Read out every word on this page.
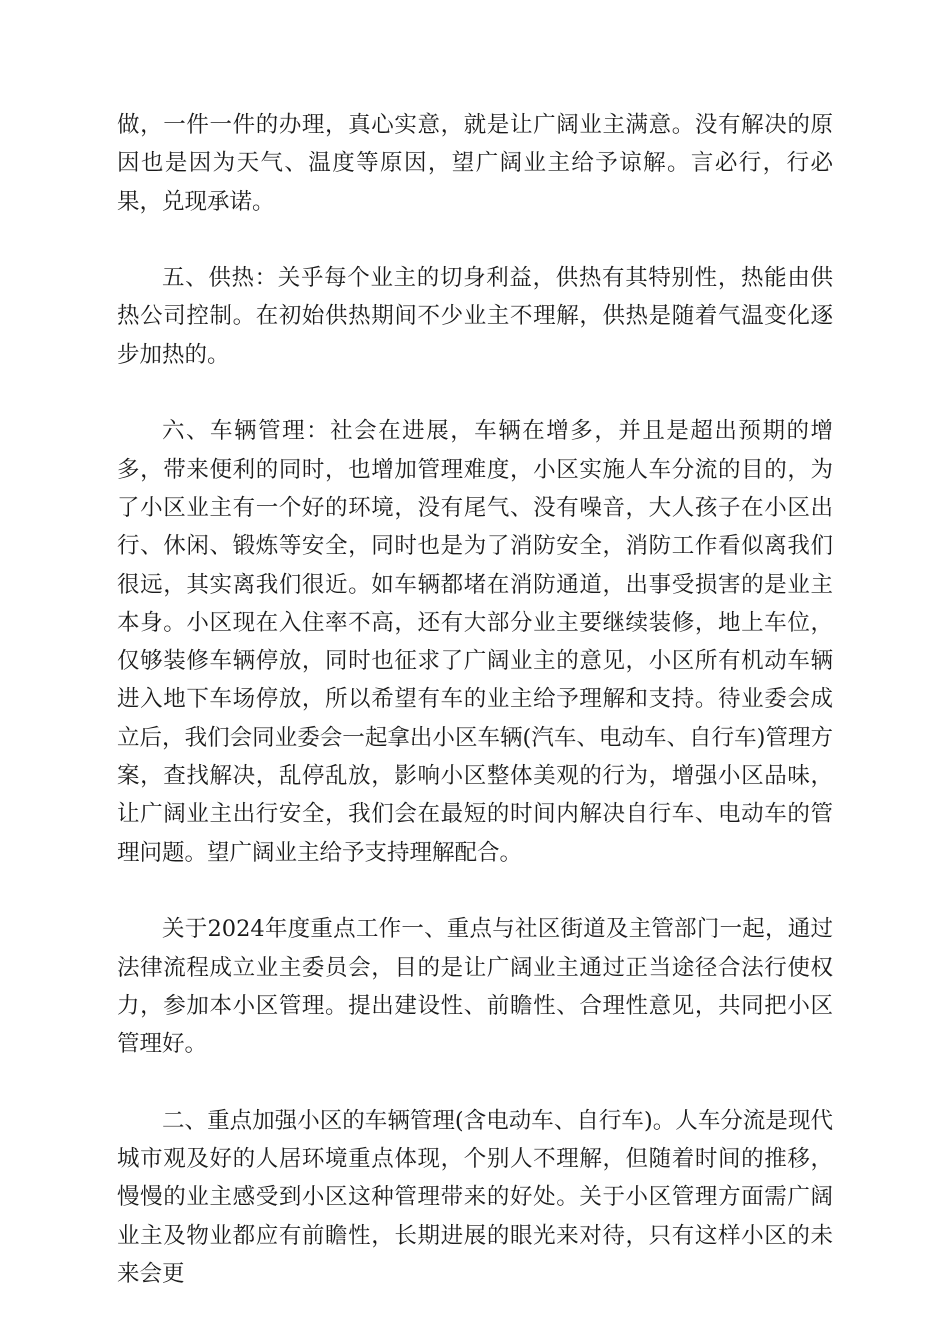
做，一件一件的办理，真心实意，就是让广阔业主满意。没有解决的原因也是因为天气、温度等原因，望广阔业主给予谅解。言必行，行必果，兑现承诺。

五、供热：关乎每个业主的切身利益，供热有其特别性，热能由供热公司控制。在初始供热期间不少业主不理解，供热是随着气温变化逐步加热的。

六、车辆管理：社会在进展，车辆在增多，并且是超出预期的增多，带来便利的同时，也增加管理难度，小区实施人车分流的目的，为了小区业主有一个好的环境，没有尾气、没有噪音，大人孩子在小区出行、休闲、锻炼等安全，同时也是为了消防安全，消防工作看似离我们很远，其实离我们很近。如车辆都堵在消防通道，出事受损害的是业主本身。小区现在入住率不高，还有大部分业主要继续装修，地上车位，仅够装修车辆停放，同时也征求了广阔业主的意见，小区所有机动车辆进入地下车场停放，所以希望有车的业主给予理解和支持。待业委会成立后，我们会同业委会一起拿出小区车辆(汽车、电动车、自行车)管理方案，查找解决，乱停乱放，影响小区整体美观的行为，增强小区品味，让广阔业主出行安全，我们会在最短的时间内解决自行车、电动车的管理问题。望广阔业主给予支持理解配合。

关于2024年度重点工作一、重点与社区街道及主管部门一起，通过法律流程成立业主委员会，目的是让广阔业主通过正当途径合法行使权力，参加本小区管理。提出建设性、前瞻性、合理性意见，共同把小区管理好。

二、重点加强小区的车辆管理(含电动车、自行车)。人车分流是现代城市观及好的人居环境重点体现，个别人不理解，但随着时间的推移，慢慢的业主感受到小区这种管理带来的好处。关于小区管理方面需广阔业主及物业都应有前瞻性，长期进展的眼光来对待，只有这样小区的未来会更
